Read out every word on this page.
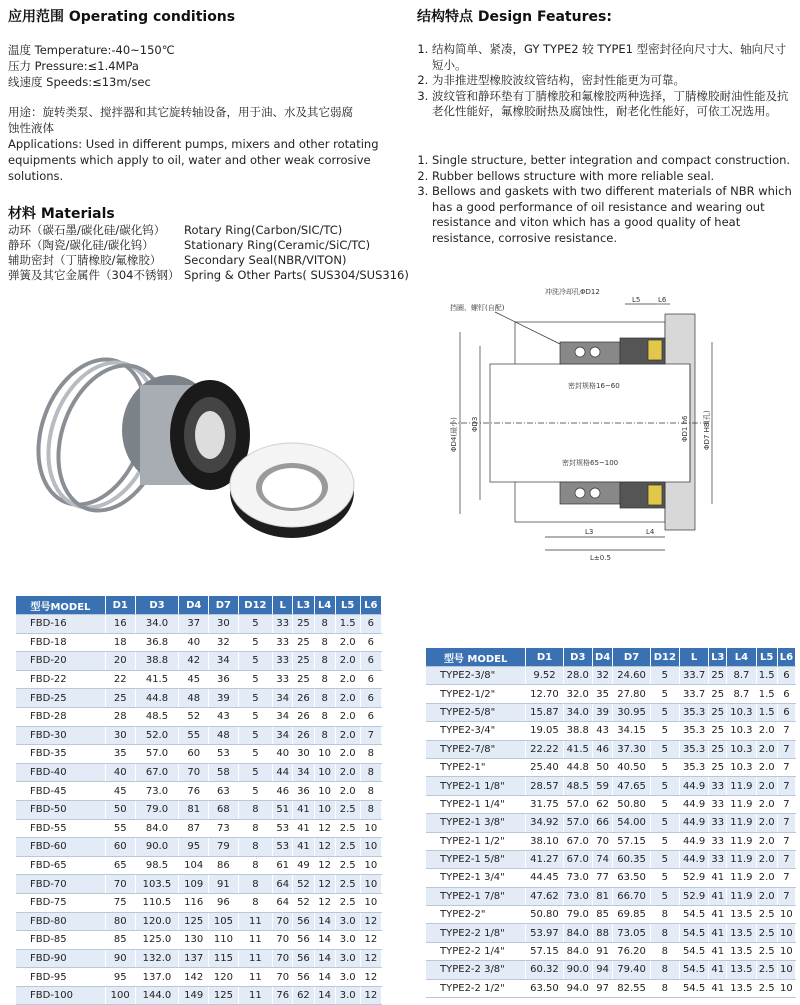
应用范围 Operating conditions
温度 Temperature:-40~150℃
压力 Pressure:≤1.4MPa
线速度 Speeds:≤13m/sec
用途：旋转类泵、搅拌器和其它旋转轴设备，用于油、水及其它弱腐
蚀性液体
Applications: Used in different pumps, mixers and other rotating
equipments which apply to oil, water and other weak corrosive
solutions.
材料 Materials
动环（碳石墨/碳化硅/碳化钨）	Rotary Ring(Carbon/SIC/TC)
静环（陶瓷/碳化硅/碳化钨）	Stationary Ring(Ceramic/SiC/TC)
辅助密封（丁腈橡胶/氟橡胶）	Secondary Seal(NBR/VITON)
弹簧及其它金属件（304不锈钢） Spring & Other Parts( SUS304/SUS316)
结构特点 Design Features:
1. 结构简单、紧凑，GY TYPE2 较 TYPE1 型密封径向尺寸大、轴向尺寸短小。
2. 为非推进型橡胶波纹管结构，密封性能更为可靠。
3. 波纹管和静环垫有丁腈橡胶和氟橡胶两种选择，丁腈橡胶耐油性能及抗老化性能好，氟橡胶耐热及腐蚀性，耐老化性能好，可依工况选用。
1. Single structure, better integration and compact construction.
2. Rubber bellows structure with more reliable seal.
3. Bellows and gaskets with two different materials of NBR which has a good performance of oil resistance and wearing out resistance and viton which has a good quality of heat resistance, corrosive resistance.
冲洗冷却孔ΦD12
挡圈、螺钉(自配)
L5	L6
密封规格16~60
密封规格65~100
ΦD4(最小) ΦD3	ΦD1 h6 ΦD7 H8(孔)
L3	L4
L±0.5
型号MODEL	D1	D3	D4	D7	D12	L	L3	L4	L5	L6
FBD-16	16	34.0	37	30	5	33	25	8	1.5	6
FBD-18	18	36.8	40	32	5	33	25	8	2.0	6
FBD-20	20	38.8	42	34	5	33	25	8	2.0	6
FBD-22	22	41.5	45	36	5	33	25	8	2.0	6
FBD-25	25	44.8	48	39	5	34	26	8	2.0	6
FBD-28	28	48.5	52	43	5	34	26	8	2.0	6
FBD-30	30	52.0	55	48	5	34	26	8	2.0	7
FBD-35	35	57.0	60	53	5	40	30	10	2.0	8
FBD-40	40	67.0	70	58	5	44	34	10	2.0	8
FBD-45	45	73.0	76	63	5	46	36	10	2.0	8
FBD-50	50	79.0	81	68	8	51	41	10	2.5	8
FBD-55	55	84.0	87	73	8	53	41	12	2.5	10
FBD-60	60	90.0	95	79	8	53	41	12	2.5	10
FBD-65	65	98.5	104	86	8	61	49	12	2.5	10
FBD-70	70	103.5	109	91	8	64	52	12	2.5	10
FBD-75	75	110.5	116	96	8	64	52	12	2.5	10
FBD-80	80	120.0	125	105	11	70	56	14	3.0	12
FBD-85	85	125.0	130	110	11	70	56	14	3.0	12
FBD-90	90	132.0	137	115	11	70	56	14	3.0	12
FBD-95	95	137.0	142	120	11	70	56	14	3.0	12
FBD-100	100	144.0	149	125	11	76	62	14	3.0	12
型号 MODEL	D1	D3	D4	D7	D12	L	L3	L4	L5	L6
TYPE2-3/8"	9.52	28.0	32	24.60	5	33.7	25	8.7	1.5	6
TYPE2-1/2"	12.70	32.0	35	27.80	5	33.7	25	8.7	1.5	6
TYPE2-5/8"	15.87	34.0	39	30.95	5	35.3	25	10.3	1.5	6
TYPE2-3/4"	19.05	38.8	43	34.15	5	35.3	25	10.3	2.0	7
TYPE2-7/8"	22.22	41.5	46	37.30	5	35.3	25	10.3	2.0	7
TYPE2-1"	25.40	44.8	50	40.50	5	35.3	25	10.3	2.0	7
TYPE2-1 1/8"	28.57	48.5	59	47.65	5	44.9	33	11.9	2.0	7
TYPE2-1 1/4"	31.75	57.0	62	50.80	5	44.9	33	11.9	2.0	7
TYPE2-1 3/8"	34.92	57.0	66	54.00	5	44.9	33	11.9	2.0	7
TYPE2-1 1/2"	38.10	67.0	70	57.15	5	44.9	33	11.9	2.0	7
TYPE2-1 5/8"	41.27	67.0	74	60.35	5	44.9	33	11.9	2.0	7
TYPE2-1 3/4"	44.45	73.0	77	63.50	5	52.9	41	11.9	2.0	7
TYPE2-1 7/8"	47.62	73.0	81	66.70	5	52.9	41	11.9	2.0	7
TYPE2-2"	50.80	79.0	85	69.85	8	54.5	41	13.5	2.5	10
TYPE2-2 1/8"	53.97	84.0	88	73.05	8	54.5	41	13.5	2.5	10
TYPE2-2 1/4"	57.15	84.0	91	76.20	8	54.5	41	13.5	2.5	10
TYPE2-2 3/8"	60.32	90.0	94	79.40	8	54.5	41	13.5	2.5	10
TYPE2-2 1/2"	63.50	94.0	97	82.55	8	54.5	41	13.5	2.5	10
